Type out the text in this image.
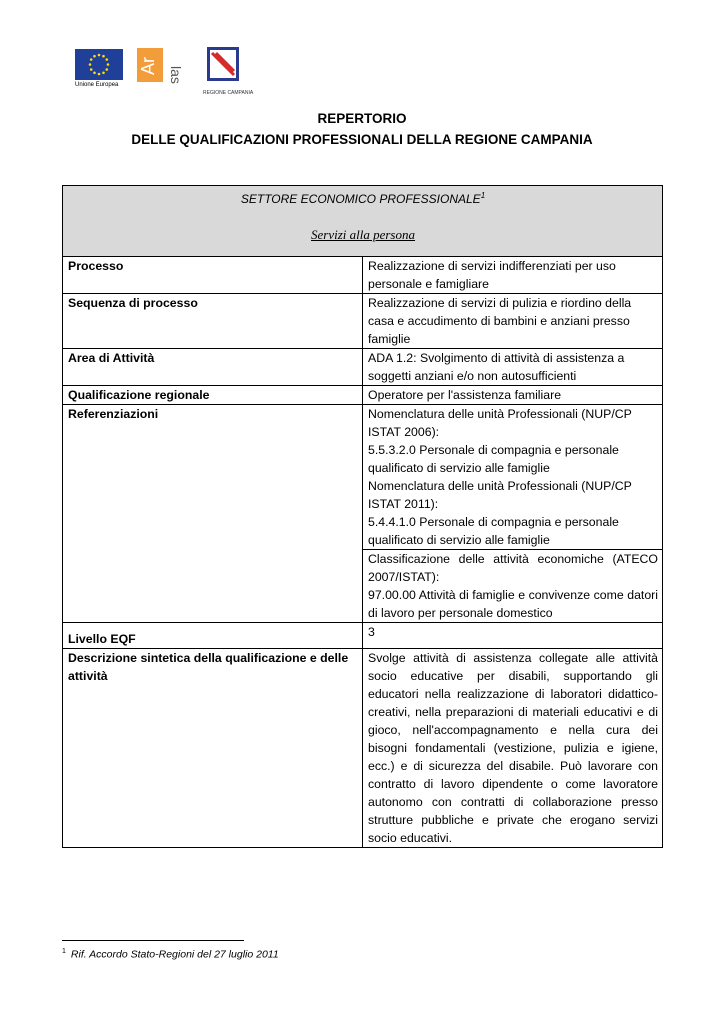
Unione Europea
Ar las
REGIONE CAMPANIA
REPERTORIO
DELLE QUALIFICAZIONI PROFESSIONALI DELLA REGIONE CAMPANIA
SETTORE ECONOMICO PROFESSIONALE$^1$
Servizi alla persona	

Processo	Realizzazione di servizi indifferenziati per uso personale e famigliare
Sequenza di processo	Realizzazione di servizi di pulizia e riordino della casa e accudimento di bambini e anziani presso famiglie
Area di Attività	ADA 1.2: Svolgimento di attività di assistenza a soggetti anziani e/o non autosufficienti
Qualificazione regionale	Operatore per l'assistenza familiare
Referenziazioni	Nomenclatura delle unità Professionali (NUP/CP ISTAT 2006):
5.5.3.2.0 Personale di compagnia e personale qualificato di servizio alle famiglie
Nomenclatura delle unità Professionali (NUP/CP ISTAT 2011):
5.4.4.1.0 Personale di compagnia e personale qualificato di servizio alle famiglie

	Classificazione delle attività economiche (ATECO 2007/ISTAT):
97.00.00 Attività di famiglie e convivenze come datori di lavoro per personale domestico

Livello EQF	3
Descrizione sintetica della qualificazione e delle attività	Svolge attività di assistenza collegate alle attività socio educative per disabili, supportando gli educatori nella realizzazione di laboratori didattico-creativi, nella preparazioni di materiali educativi e di gioco, nell'accompagnamento e nella cura dei bisogni fondamentali (vestizione, pulizia e igiene, ecc.) e di sicurezza del disabile. Può lavorare con contratto di lavoro dipendente o come lavoratore autonomo con contratti di collaborazione presso strutture pubbliche e private che erogano servizi socio educativi.
$^1$ Rif. Accordo Stato-Regioni del 27 luglio 2011
